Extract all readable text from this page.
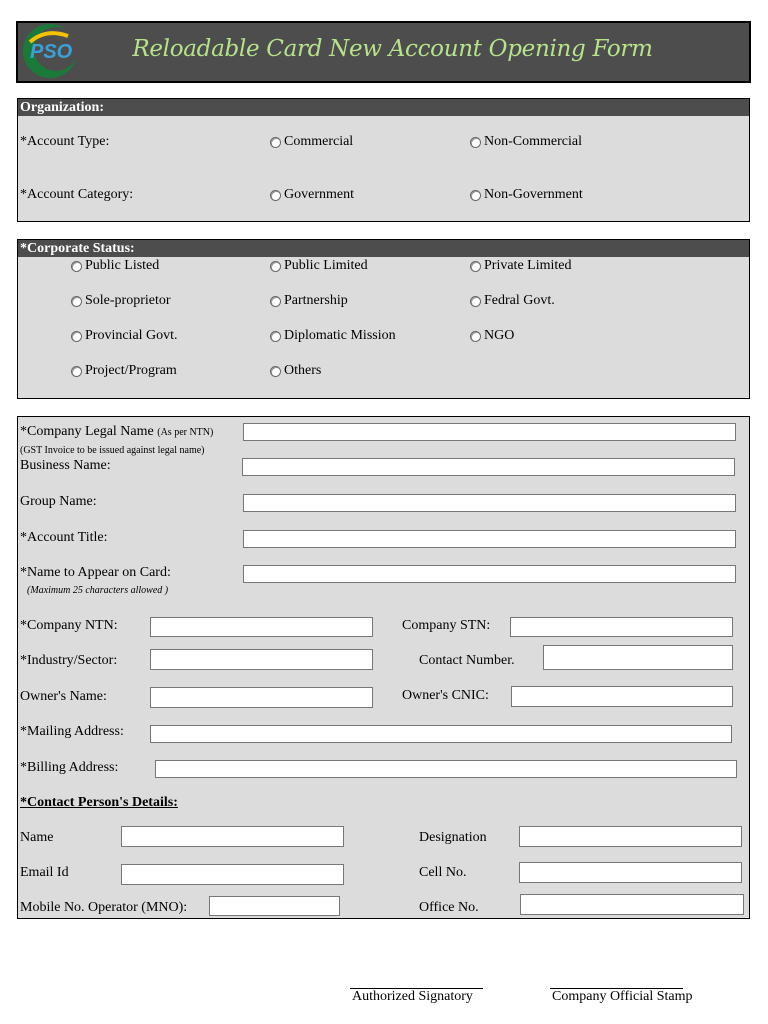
PSO	Reloadable Card New Account Opening Form
Organization:
*Account Type:	Commercial	Non-Commercial
*Account Category:	Government	Non-Government
*Corporate Status:
Public Listed	Public Limited	Private Limited
Sole-proprietor	Partnership	Fedral Govt.
Provincial Govt.	Diplomatic Mission	NGO
Project/Program	Others
*Company Legal Name (As per NTN)
(GST Invoice to be issued against legal name)
Business Name:
Group Name:
*Account Title:
*Name to Appear on Card:
(Maximum 25 characters allowed )
*Company NTN:	Company STN:
*Industry/Sector:	Contact Number.
Owner's Name:	Owner's CNIC:
*Mailing Address:
*Billing Address:
*Contact Person's Details:
Name	Designation
Email Id	Cell No.
Mobile No. Operator (MNO):	Office No.
Authorized Signatory	Company Official Stamp
